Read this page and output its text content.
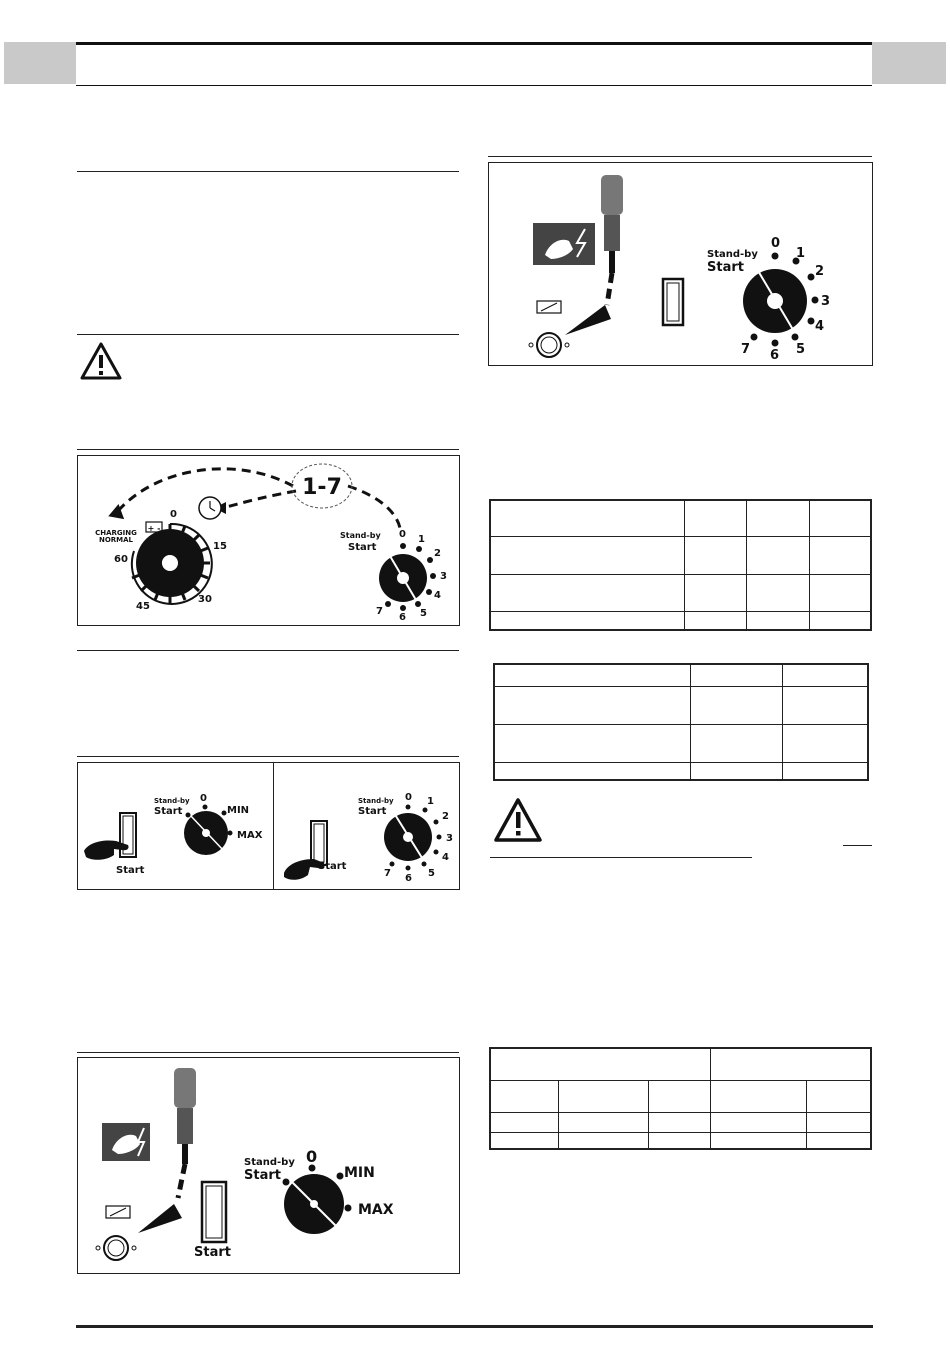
+ -
CHARGING
NORMAL
0
15
30
45
60
1-7
Stand-by
Start
0 1
2
3
4
5
6
7
Start
Stand-by
Start
0
MIN
MAX
Start
Stand-by
Start
0 1
2
3
4
5
6
7
Start
Stand-by
Start
0
MIN
MAX
Stand-by
Start
0
1
2
3
4
5
6
7
